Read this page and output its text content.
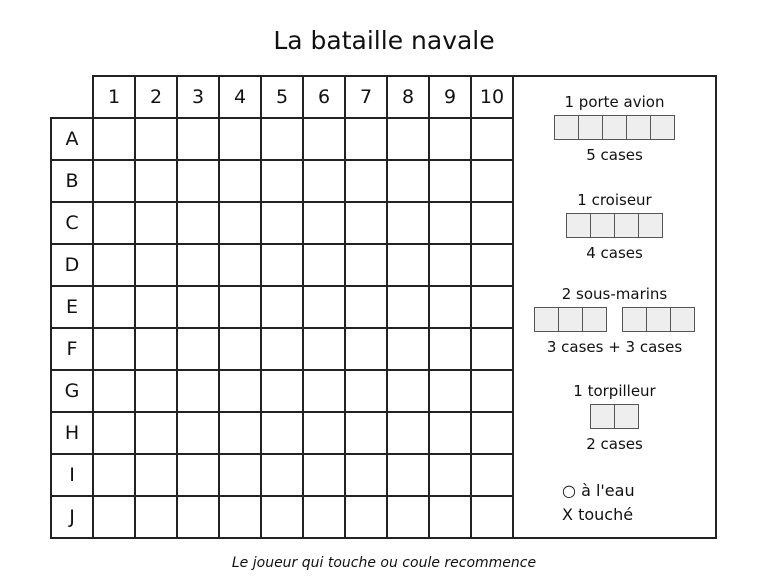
La bataille navale
	1	2	3	4	5	6	7	8	9	10
A										
B										
C										
D										
E										
F										
G										
H										
I										
J										
1 porte avion
5 cases
1 croiseur
4 cases
2 sous-marins
3 cases + 3 cases
1 torpilleur
2 cases
○ à l'eau
X touché
Le joueur qui touche ou coule recommence
